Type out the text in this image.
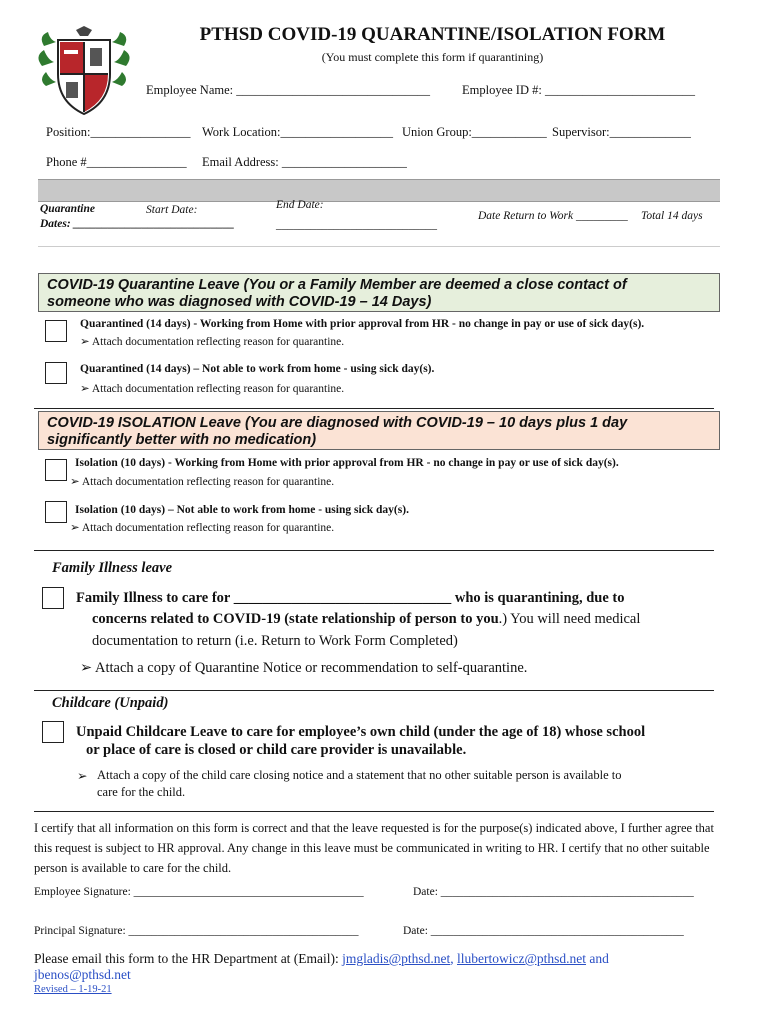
PTHSD COVID-19 QUARANTINE/ISOLATION FORM
(You must complete this form if quarantining)
Employee Name: _______________________________	Employee ID #: ________________________
Position:________________ Work Location:__________________ Union Group:____________ Supervisor:_____________
Phone #________________ Email Address: ____________________
Quarantine
Dates: ____________________________
Start Date:	End Date:
____________________________
Date Return to Work _________ Total 14 days
COVID-19 Quarantine Leave (You or a Family Member are deemed a close contact of
someone who was diagnosed with COVID-19 – 14 Days)
Quarantined (14 days) - Working from Home with prior approval from HR - no change in pay or use of sick day(s).
➢ Attach documentation reflecting reason for quarantine.
Quarantined (14 days) – Not able to work from home - using sick day(s).
➢ Attach documentation reflecting reason for quarantine.
COVID-19 ISOLATION Leave (You are diagnosed with COVID-19 – 10 days plus 1 day
significantly better with no medication)
Isolation (10 days) - Working from Home with prior approval from HR - no change in pay or use of sick day(s).
➢ Attach documentation reflecting reason for quarantine.
Isolation (10 days) – Not able to work from home - using sick day(s).
➢ Attach documentation reflecting reason for quarantine.
Family Illness leave
Family Illness to care for ______________________________ who is quarantining, due to
concerns related to COVID-19 (state relationship of person to you.) You will need medical
documentation to return (i.e. Return to Work Form Completed)
➢ Attach a copy of Quarantine Notice or recommendation to self-quarantine.
Childcare (Unpaid)
Unpaid Childcare Leave to care for employee’s own child (under the age of 18) whose school
or place of care is closed or child care provider is unavailable.
➢ Attach a copy of the child care closing notice and a statement that no other suitable person is available to
care for the child.
I certify that all information on this form is correct and that the leave requested is for the purpose(s) indicated above, I further agree that this request is subject to HR approval. Any change in this leave must be communicated in writing to HR. I certify that no other suitable person is available to care for the child.
Employee Signature: ________________________________________	Date: ____________________________________________
Principal Signature: ________________________________________	Date: ____________________________________________
Please email this form to the HR Department at (Email): jmgladis@pthsd.net, llubertowicz@pthsd.net and
jbenos@pthsd.net
Revised – 1-19-21
